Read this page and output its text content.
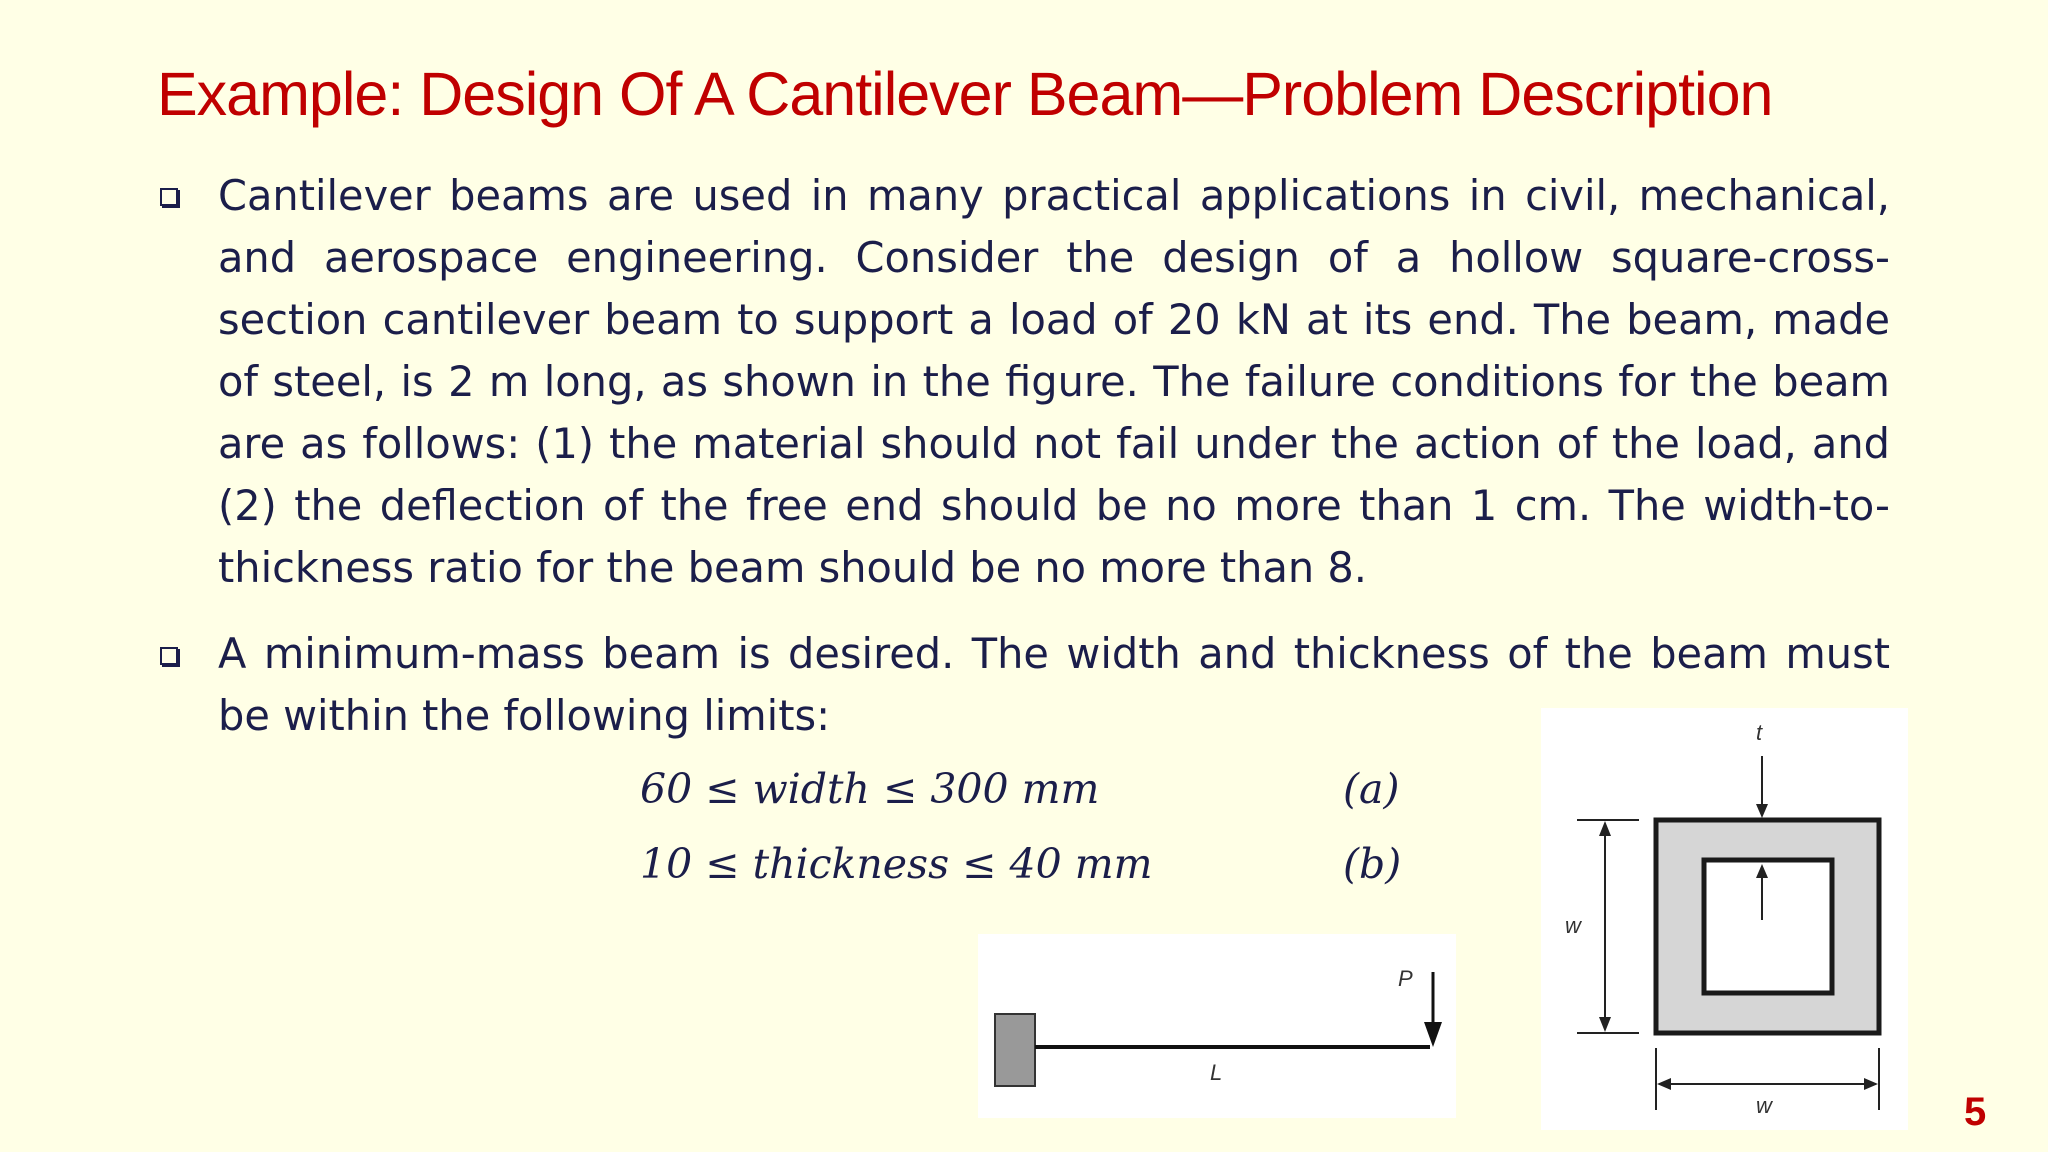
Example: Design Of A Cantilever Beam—Problem Description
Cantilever beams are used in many practical applications in civil, mechanical, and aerospace engineering. Consider the design of a hollow square-cross-section cantilever beam to support a load of 20 kN at its end. The beam, made of steel, is 2 m long, as shown in the figure. The failure conditions for the beam are as follows: (1) the material should not fail under the action of the load, and (2) the deflection of the free end should be no more than 1 cm. The width-to-thickness ratio for the beam should be no more than 8.
A minimum-mass beam is desired. The width and thickness of the beam must be within the following limits:
60 ≤ width ≤ 300 mm	(a)
10 ≤ thickness ≤ 40 mm	(b)
P
L
t
w
w	5
